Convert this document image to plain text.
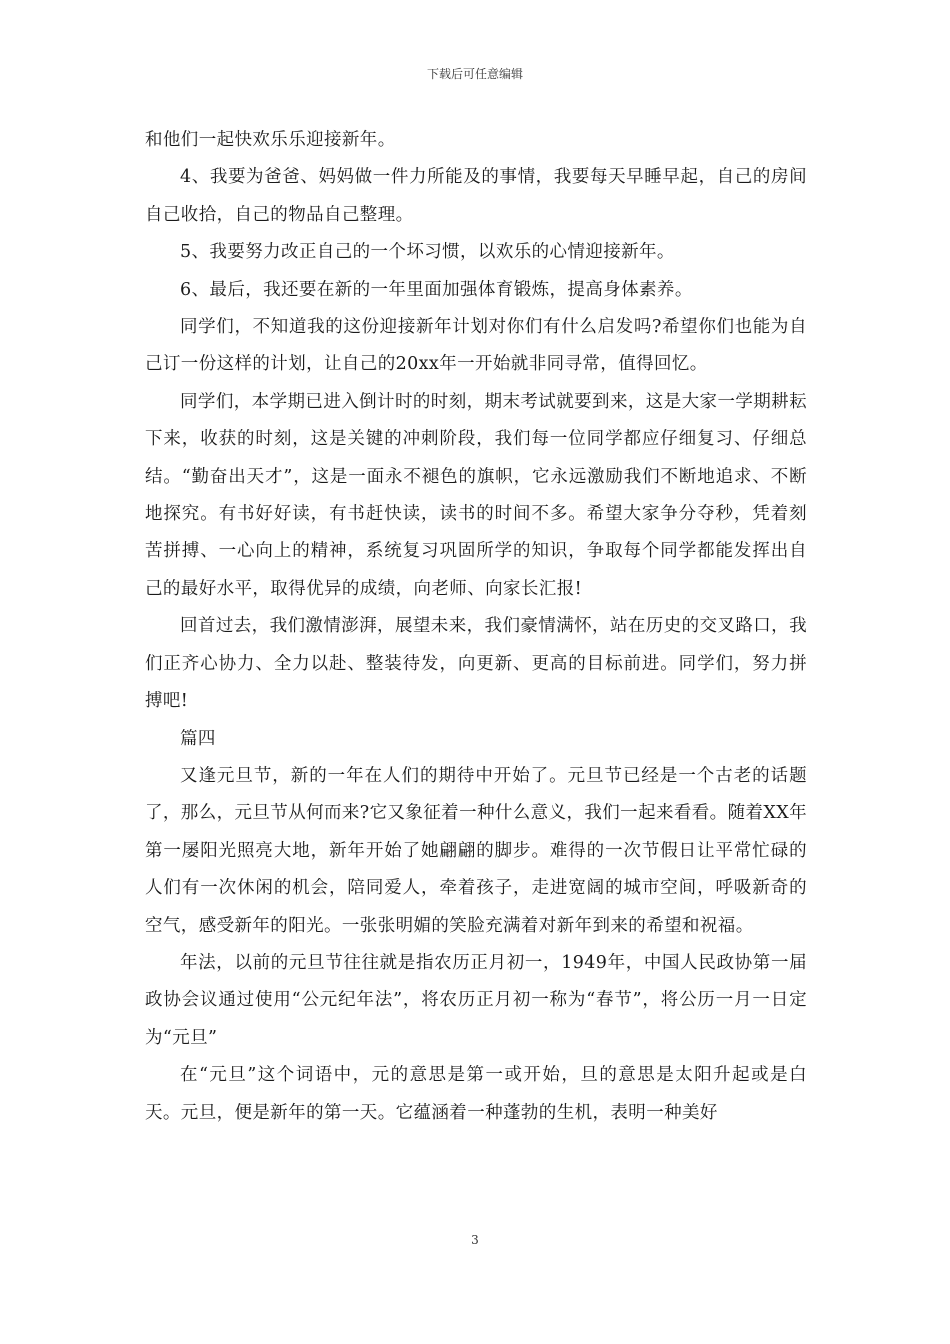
下载后可任意编辑

和他们一起快欢乐乐迎接新年。

4、我要为爸爸、妈妈做一件力所能及的事情，我要每天早睡早起，自己的房间自己收拾，自己的物品自己整理。

5、我要努力改正自己的一个坏习惯，以欢乐的心情迎接新年。

6、最后，我还要在新的一年里面加强体育锻炼，提高身体素养。

同学们，不知道我的这份迎接新年计划对你们有什么启发吗?希望你们也能为自己订一份这样的计划，让自己的20xx年一开始就非同寻常，值得回忆。

同学们，本学期已进入倒计时的时刻，期末考试就要到来，这是大家一学期耕耘下来，收获的时刻，这是关键的冲刺阶段，我们每一位同学都应仔细复习、仔细总结。“勤奋出天才”，这是一面永不褪色的旗帜，它永远激励我们不断地追求、不断地探究。有书好好读，有书赶快读，读书的时间不多。希望大家争分夺秒，凭着刻苦拼搏、一心向上的精神，系统复习巩固所学的知识，争取每个同学都能发挥出自己的最好水平，取得优异的成绩，向老师、向家长汇报!

回首过去，我们激情澎湃，展望未来，我们豪情满怀，站在历史的交叉路口，我们正齐心协力、全力以赴、整装待发，向更新、更高的目标前进。同学们，努力拼搏吧!

篇四

又逢元旦节，新的一年在人们的期待中开始了。元旦节已经是一个古老的话题了，那么，元旦节从何而来?它又象征着一种什么意义，我们一起来看看。随着XX年第一屡阳光照亮大地，新年开始了她翩翩的脚步。难得的一次节假日让平常忙碌的人们有一次休闲的机会，陪同爱人，牵着孩子，走进宽阔的城市空间，呼吸新奇的空气，感受新年的阳光。一张张明媚的笑脸充满着对新年到来的希望和祝福。

年法，以前的元旦节往往就是指农历正月初一，1949年，中国人民政协第一届政协会议通过使用“公元纪年法”，将农历正月初一称为“春节”，将公历一月一日定为“元旦”

在“元旦”这个词语中，元的意思是第一或开始，旦的意思是太阳升起或是白天。元旦，便是新年的第一天。它蕴涵着一种蓬勃的生机，表明一种美好

3
